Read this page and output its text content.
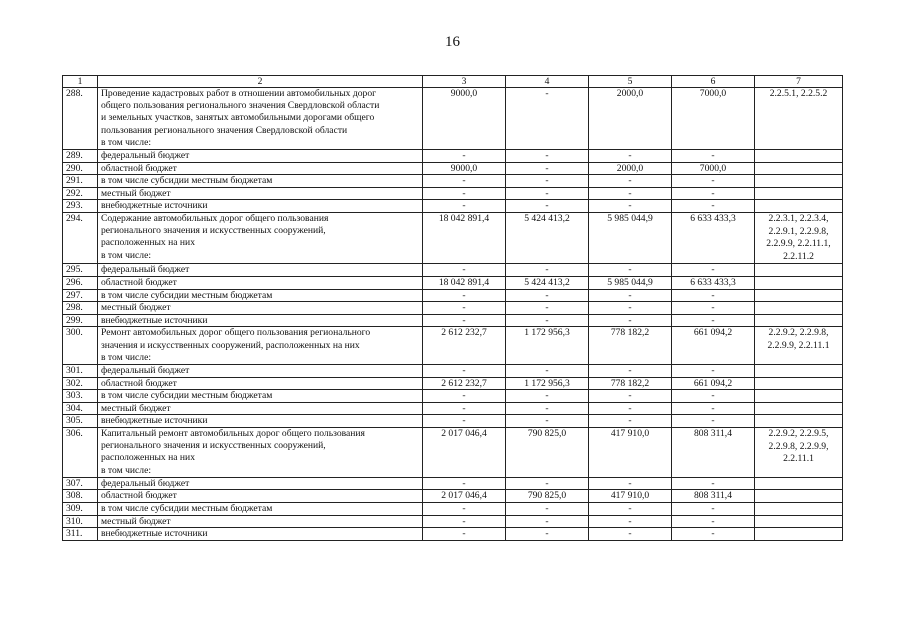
16
1	2	3	4	5	6	7
288.	Проведение кадастровых работ в отношении автомобильных дорог
общего пользования регионального значения Свердловской области
и земельных участков, занятых автомобильными дорогами общего
пользования регионального значения Свердловской области
в том числе:	9000,0	-	2000,0	7000,0	2.2.5.1, 2.2.5.2

289.	федеральный бюджет	-	-	-	-	
290.	областной бюджет	9000,0	-	2000,0	7000,0	
291.	в том числе субсидии местным бюджетам	-	-	-	-	
292.	местный бюджет	-	-	-	-	
293.	внебюджетные источники	-	-	-	-	
294.	Содержание автомобильных дорог общего пользования
регионального значения и искусственных сооружений,
расположенных на них
в том числе:	18 042 891,4	5 424 413,2	5 985 044,9	6 633 433,3	2.2.3.1, 2.2.3.4,
2.2.9.1, 2.2.9.8,
2.2.9.9, 2.2.11.1,
2.2.11.2

295.	федеральный бюджет	-	-	-	-	
296.	областной бюджет	18 042 891,4	5 424 413,2	5 985 044,9	6 633 433,3	
297.	в том числе субсидии местным бюджетам	-	-	-	-	
298.	местный бюджет	-	-	-	-	
299.	внебюджетные источники	-	-	-	-	
300.	Ремонт автомобильных дорог общего пользования регионального
значения и искусственных сооружений, расположенных на них
в том числе:	2 612 232,7	1 172 956,3	778 182,2	661 094,2	2.2.9.2, 2.2.9.8,
2.2.9.9, 2.2.11.1

301.	федеральный бюджет	-	-	-	-	
302.	областной бюджет	2 612 232,7	1 172 956,3	778 182,2	661 094,2	
303.	в том числе субсидии местным бюджетам	-	-	-	-	
304.	местный бюджет	-	-	-	-	
305.	внебюджетные источники	-	-	-	-	
306.	Капитальный ремонт автомобильных дорог общего пользования
регионального значения и искусственных сооружений,
расположенных на них
в том числе:	2 017 046,4	790 825,0	417 910,0	808 311,4	2.2.9.2, 2.2.9.5,
2.2.9.8, 2.2.9.9,
2.2.11.1

307.	федеральный бюджет	-	-	-	-	
308.	областной бюджет	2 017 046,4	790 825,0	417 910,0	808 311,4	
309.	в том числе субсидии местным бюджетам	-	-	-	-	
310.	местный бюджет	-	-	-	-	
311.	внебюджетные источники	-	-	-	-	
